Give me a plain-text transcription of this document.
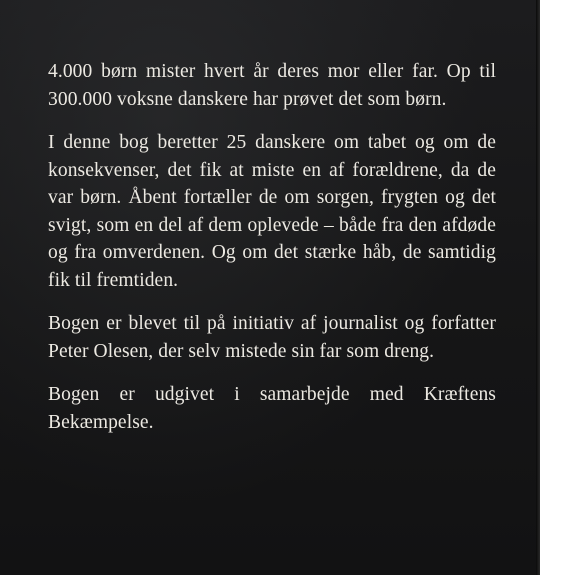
4.000 børn mister hvert år deres mor eller far. Op til 300.000 voksne danskere har prøvet det som børn.

I denne bog beretter 25 danskere om tabet og om de konsekvenser, det fik at miste en af forældrene, da de var børn. Åbent fortæller de om sorgen, frygten og det svigt, som en del af dem oplevede – både fra den afdøde og fra omverdenen. Og om det stærke håb, de samtidig fik til fremtiden.

Bogen er blevet til på initiativ af journalist og forfatter Peter Olesen, der selv mistede sin far som dreng.

Bogen er udgivet i samarbejde med Kræftens Bekæmpelse.
